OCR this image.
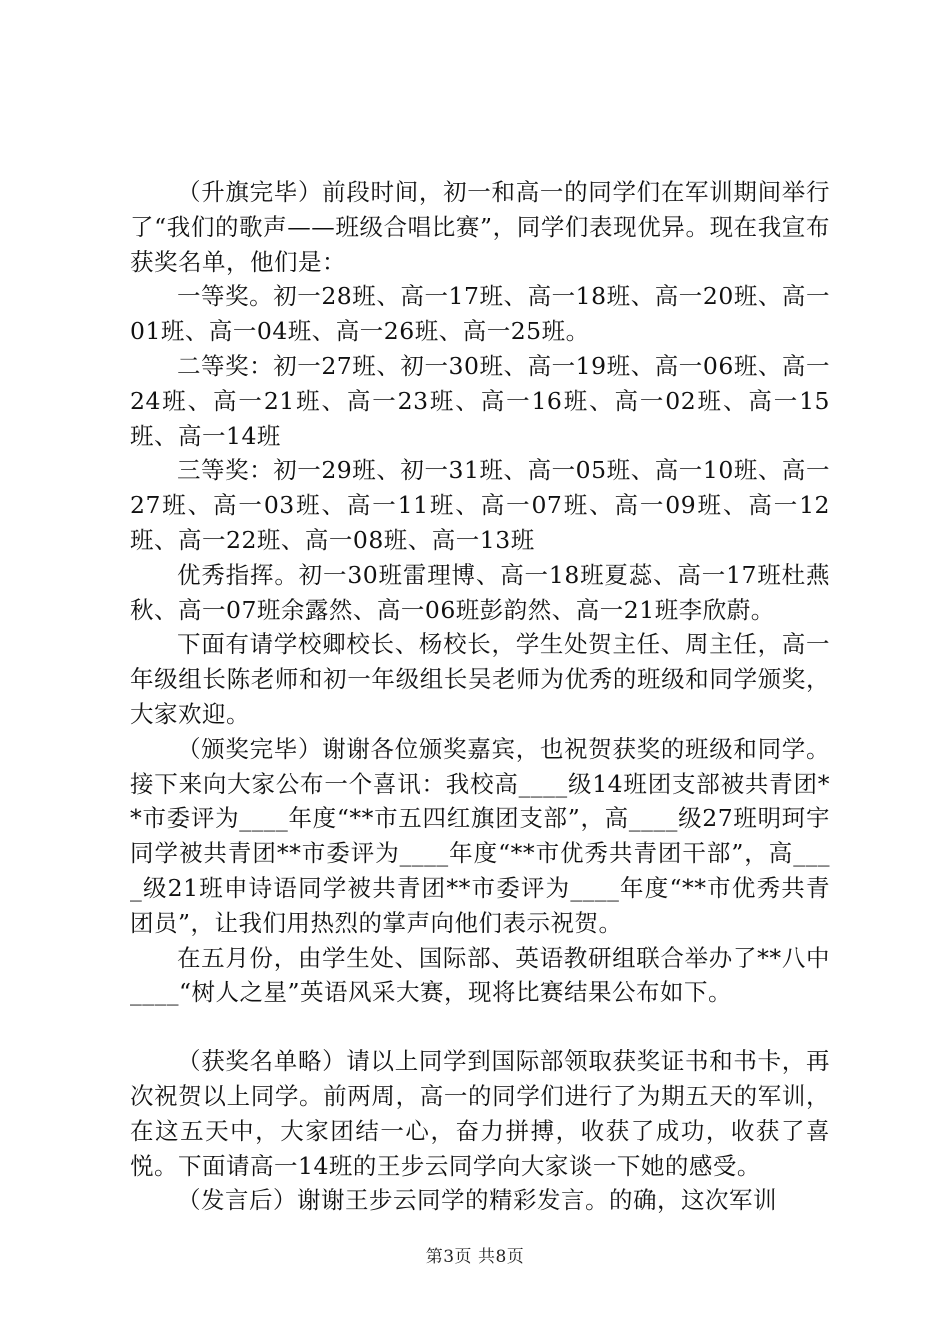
（升旗完毕）前段时间，初一和高一的同学们在军训期间举行了“我们的歌声——班级合唱比赛”，同学们表现优异。现在我宣布获奖名单，他们是：

一等奖。初一28班、高一17班、高一18班、高一20班、高一01班、高一04班、高一26班、高一25班。

二等奖：初一27班、初一30班、高一19班、高一06班、高一24班、高一21班、高一23班、高一16班、高一02班、高一15班、高一14班

三等奖：初一29班、初一31班、高一05班、高一10班、高一27班、高一03班、高一11班、高一07班、高一09班、高一12班、高一22班、高一08班、高一13班

优秀指挥。初一30班雷理博、高一18班夏蕊、高一17班杜燕秋、高一07班余露然、高一06班彭韵然、高一21班李欣蔚。

下面有请学校卿校长、杨校长，学生处贺主任、周主任，高一年级组长陈老师和初一年级组长吴老师为优秀的班级和同学颁奖，大家欢迎。

（颁奖完毕）谢谢各位颁奖嘉宾，也祝贺获奖的班级和同学。接下来向大家公布一个喜讯：我校高____级14班团支部被共青团**市委评为____年度“**市五四红旗团支部”，高____级27班明珂宇同学被共青团**市委评为____年度“**市优秀共青团干部”，高____级21班申诗语同学被共青团**市委评为____年度“**市优秀共青团员”，让我们用热烈的掌声向他们表示祝贺。

在五月份，由学生处、国际部、英语教研组联合举办了**八中____“树人之星”英语风采大赛，现将比赛结果公布如下。

（获奖名单略）请以上同学到国际部领取获奖证书和书卡，再次祝贺以上同学。前两周，高一的同学们进行了为期五天的军训，在这五天中，大家团结一心，奋力拼搏，收获了成功，收获了喜悦。下面请高一14班的王步云同学向大家谈一下她的感受。

（发言后）谢谢王步云同学的精彩发言。的确，这次军训

第3页 共8页
